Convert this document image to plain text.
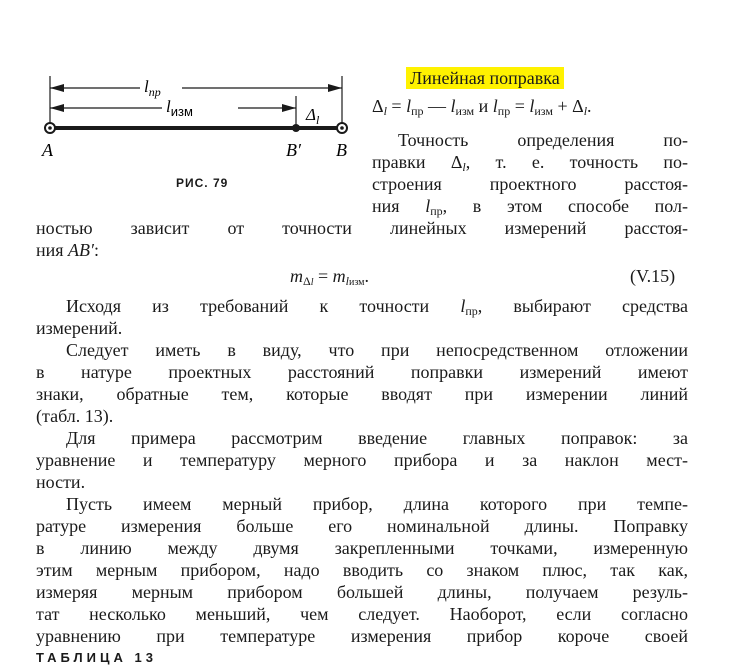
$l_{пр}$
$l_{изм}$	$\Delta_l$
A	B′ B
РИС. 79
Линейная поправка
$\Delta_l = l_{пр}$ — $l_{изм}$ и $l_{пр} = l_{изм} + \Delta_l$.
Точность определения по-
правки $\Delta_l$, т. е. точность по-
строения проектного расстоя-
ния $l_{пр}$, в этом способе пол-
ностью зависит от точности линейных измерений расстоя-
ния AB′:
$m_{\Delta l} = m_{lизм}$.	(V.15)
Исходя из требований к точности $l_{пр}$, выбирают средства
измерений.
Следует иметь в виду, что при непосредственном отложении
в натуре проектных расстояний поправки измерений имеют
знаки, обратные тем, которые вводят при измерении линий
(табл. 13).
Для примера рассмотрим введение главных поправок: за
уравнение и температуру мерного прибора и за наклон мест-
ности.
Пусть имеем мерный прибор, длина которого при темпе-
ратуре измерения больше его номинальной длины. Поправку
в линию между двумя закрепленными точками, измеренную
этим мерным прибором, надо вводить со знаком плюс, так как,
измеряя мерным прибором большей длины, получаем резуль-
тат несколько меньший, чем следует. Наоборот, если согласно
уравнению при температуре измерения прибор короче своей
ТАБЛИЦА 13
